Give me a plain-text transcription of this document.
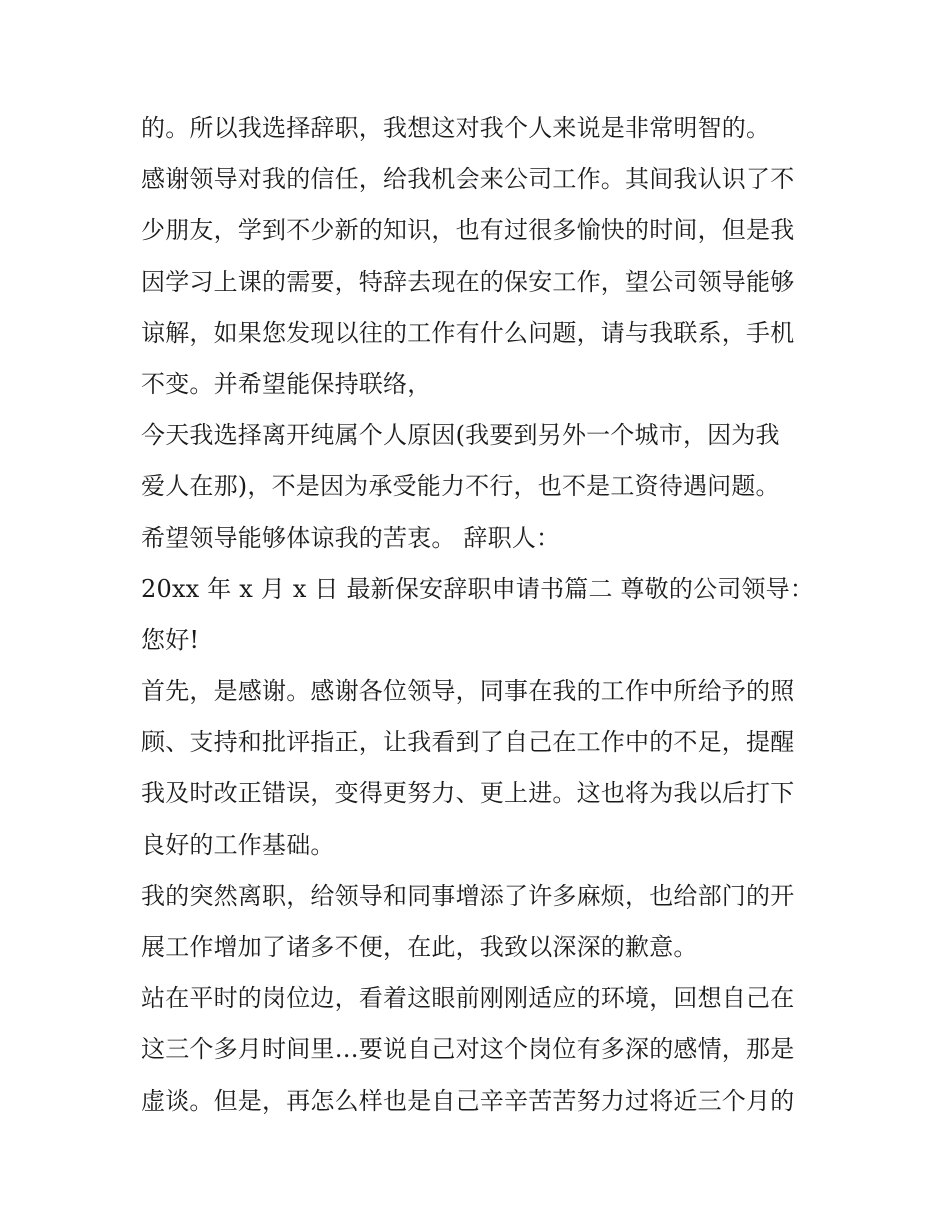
的。所以我选择辞职，我想这对我个人来说是非常明智的。
感谢领导对我的信任，给我机会来公司工作。其间我认识了不
少朋友，学到不少新的知识，也有过很多愉快的时间，但是我
因学习上课的需要，特辞去现在的保安工作，望公司领导能够
谅解，如果您发现以往的工作有什么问题，请与我联系，手机
不变。并希望能保持联络，
今天我选择离开纯属个人原因(我要到另外一个城市，因为我
爱人在那)，不是因为承受能力不行，也不是工资待遇问题。
希望领导能够体谅我的苦衷。 辞职人：
20xx 年 x 月 x 日 最新保安辞职申请书篇二 尊敬的公司领导：
您好!
首先，是感谢。感谢各位领导，同事在我的工作中所给予的照
顾、支持和批评指正，让我看到了自己在工作中的不足，提醒
我及时改正错误，变得更努力、更上进。这也将为我以后打下
良好的工作基础。
我的突然离职，给领导和同事增添了许多麻烦，也给部门的开
展工作增加了诸多不便，在此，我致以深深的歉意。
站在平时的岗位边，看着这眼前刚刚适应的环境，回想自己在
这三个多月时间里…要说自己对这个岗位有多深的感情，那是
虚谈。但是，再怎么样也是自己辛辛苦苦努力过将近三个月的
